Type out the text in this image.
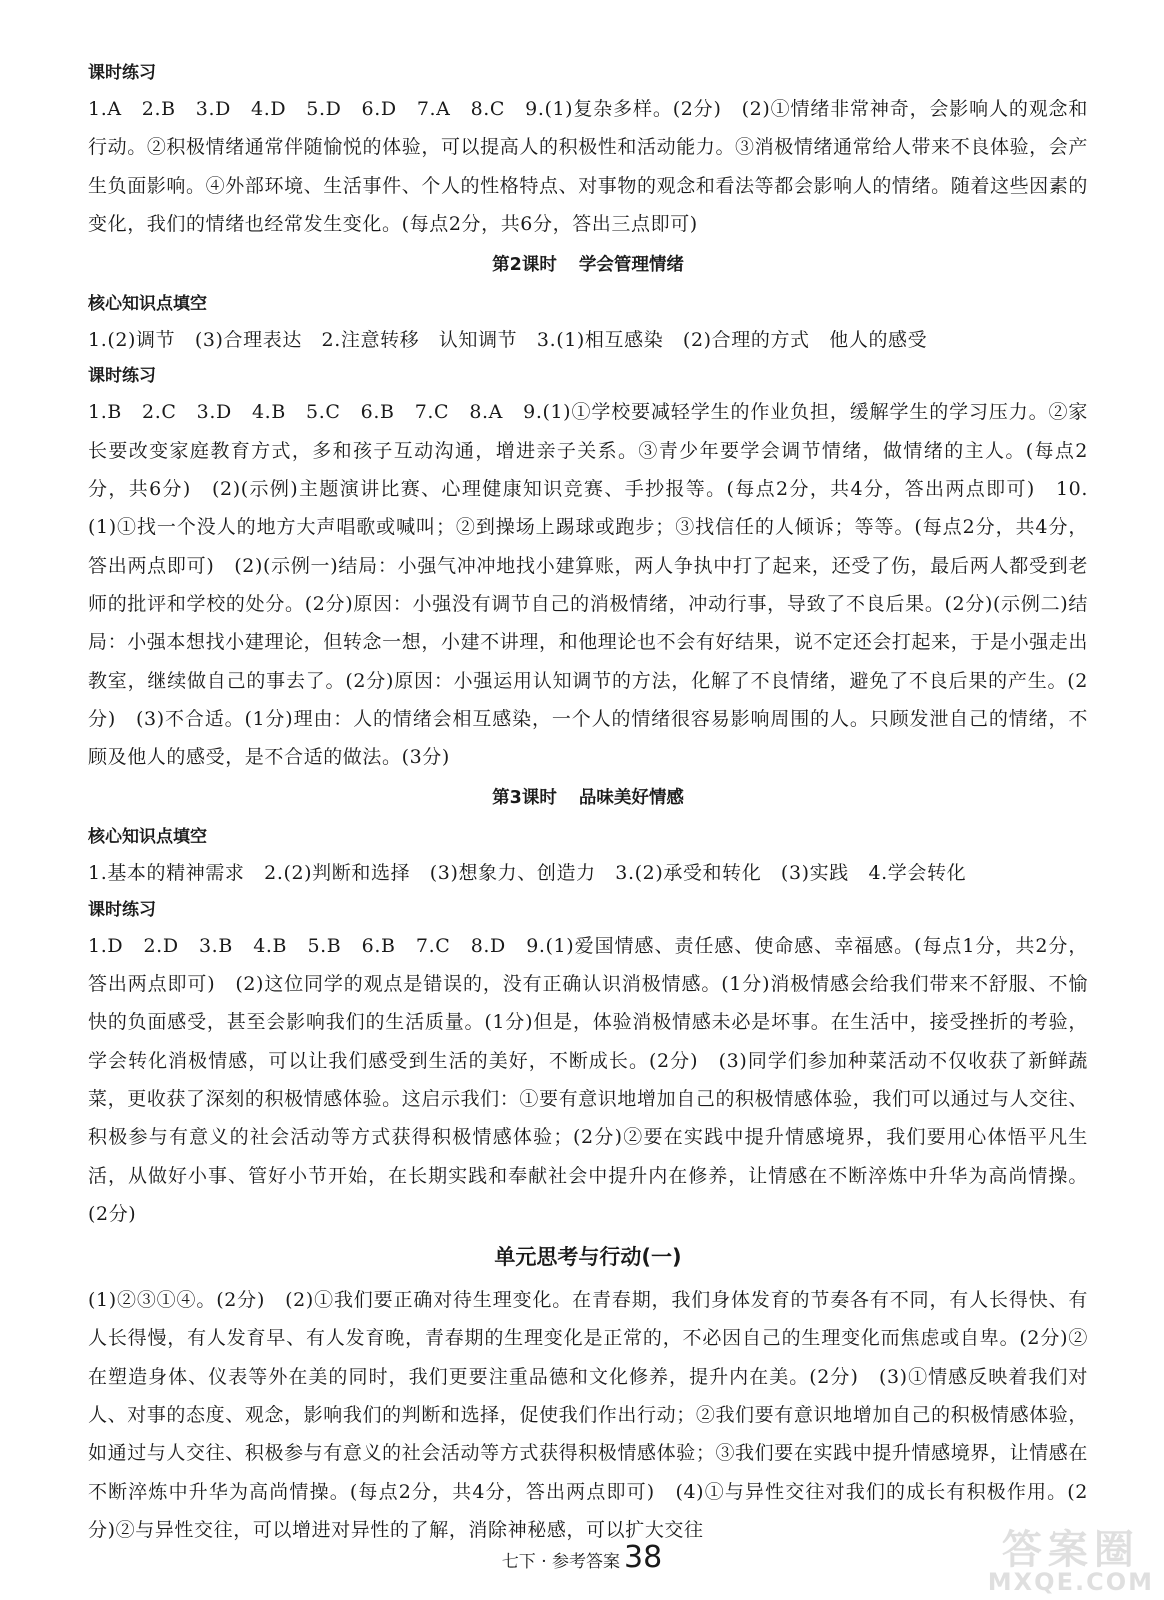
课时练习

1.A　2.B　3.D　4.D　5.D　6.D　7.A　8.C　9.(1)复杂多样。(2分)　(2)①情绪非常神奇，会影响人的观念和行动。②积极情绪通常伴随愉悦的体验，可以提高人的积极性和活动能力。③消极情绪通常给人带来不良体验，会产生负面影响。④外部环境、生活事件、个人的性格特点、对事物的观念和看法等都会影响人的情绪。随着这些因素的变化，我们的情绪也经常发生变化。(每点2分，共6分，答出三点即可)

第2课时 学会管理情绪
核心知识点填空

1.(2)调节　(3)合理表达　2.注意转移　认知调节　3.(1)相互感染　(2)合理的方式　他人的感受

课时练习

1.B　2.C　3.D　4.B　5.C　6.B　7.C　8.A　9.(1)①学校要减轻学生的作业负担，缓解学生的学习压力。②家长要改变家庭教育方式，多和孩子互动沟通，增进亲子关系。③青少年要学会调节情绪，做情绪的主人。(每点2分，共6分)　(2)(示例)主题演讲比赛、心理健康知识竞赛、手抄报等。(每点2分，共4分，答出两点即可)　10.(1)①找一个没人的地方大声唱歌或喊叫；②到操场上踢球或跑步；③找信任的人倾诉；等等。(每点2分，共4分，答出两点即可)　(2)(示例一)结局：小强气冲冲地找小建算账，两人争执中打了起来，还受了伤，最后两人都受到老师的批评和学校的处分。(2分)原因：小强没有调节自己的消极情绪，冲动行事，导致了不良后果。(2分)(示例二)结局：小强本想找小建理论，但转念一想，小建不讲理，和他理论也不会有好结果，说不定还会打起来，于是小强走出教室，继续做自己的事去了。(2分)原因：小强运用认知调节的方法，化解了不良情绪，避免了不良后果的产生。(2分)　(3)不合适。(1分)理由：人的情绪会相互感染，一个人的情绪很容易影响周围的人。只顾发泄自己的情绪，不顾及他人的感受，是不合适的做法。(3分)

第3课时 品味美好情感
核心知识点填空

1.基本的精神需求　2.(2)判断和选择　(3)想象力、创造力　3.(2)承受和转化　(3)实践　4.学会转化

课时练习

1.D　2.D　3.B　4.B　5.B　6.B　7.C　8.D　9.(1)爱国情感、责任感、使命感、幸福感。(每点1分，共2分，答出两点即可)　(2)这位同学的观点是错误的，没有正确认识消极情感。(1分)消极情感会给我们带来不舒服、不愉快的负面感受，甚至会影响我们的生活质量。(1分)但是，体验消极情感未必是坏事。在生活中，接受挫折的考验，学会转化消极情感，可以让我们感受到生活的美好，不断成长。(2分)　(3)同学们参加种菜活动不仅收获了新鲜蔬菜，更收获了深刻的积极情感体验。这启示我们：①要有意识地增加自己的积极情感体验，我们可以通过与人交往、积极参与有意义的社会活动等方式获得积极情感体验；(2分)②要在实践中提升情感境界，我们要用心体悟平凡生活，从做好小事、管好小节开始，在长期实践和奉献社会中提升内在修养，让情感在不断淬炼中升华为高尚情操。(2分)

单元思考与行动(一)

(1)②③①④。(2分)　(2)①我们要正确对待生理变化。在青春期，我们身体发育的节奏各有不同，有人长得快、有人长得慢，有人发育早、有人发育晚，青春期的生理变化是正常的，不必因自己的生理变化而焦虑或自卑。(2分)②在塑造身体、仪表等外在美的同时，我们更要注重品德和文化修养，提升内在美。(2分)　(3)①情感反映着我们对人、对事的态度、观念，影响我们的判断和选择，促使我们作出行动；②我们要有意识地增加自己的积极情感体验，如通过与人交往、积极参与有意义的社会活动等方式获得积极情感体验；③我们要在实践中提升情感境界，让情感在不断淬炼中升华为高尚情操。(每点2分，共4分，答出两点即可)　(4)①与异性交往对我们的成长有积极作用。(2分)②与异性交往，可以增进对异性的了解，消除神秘感，可以扩大交往

七下 · 参考答案 38	答案圈
MXQE.COM
